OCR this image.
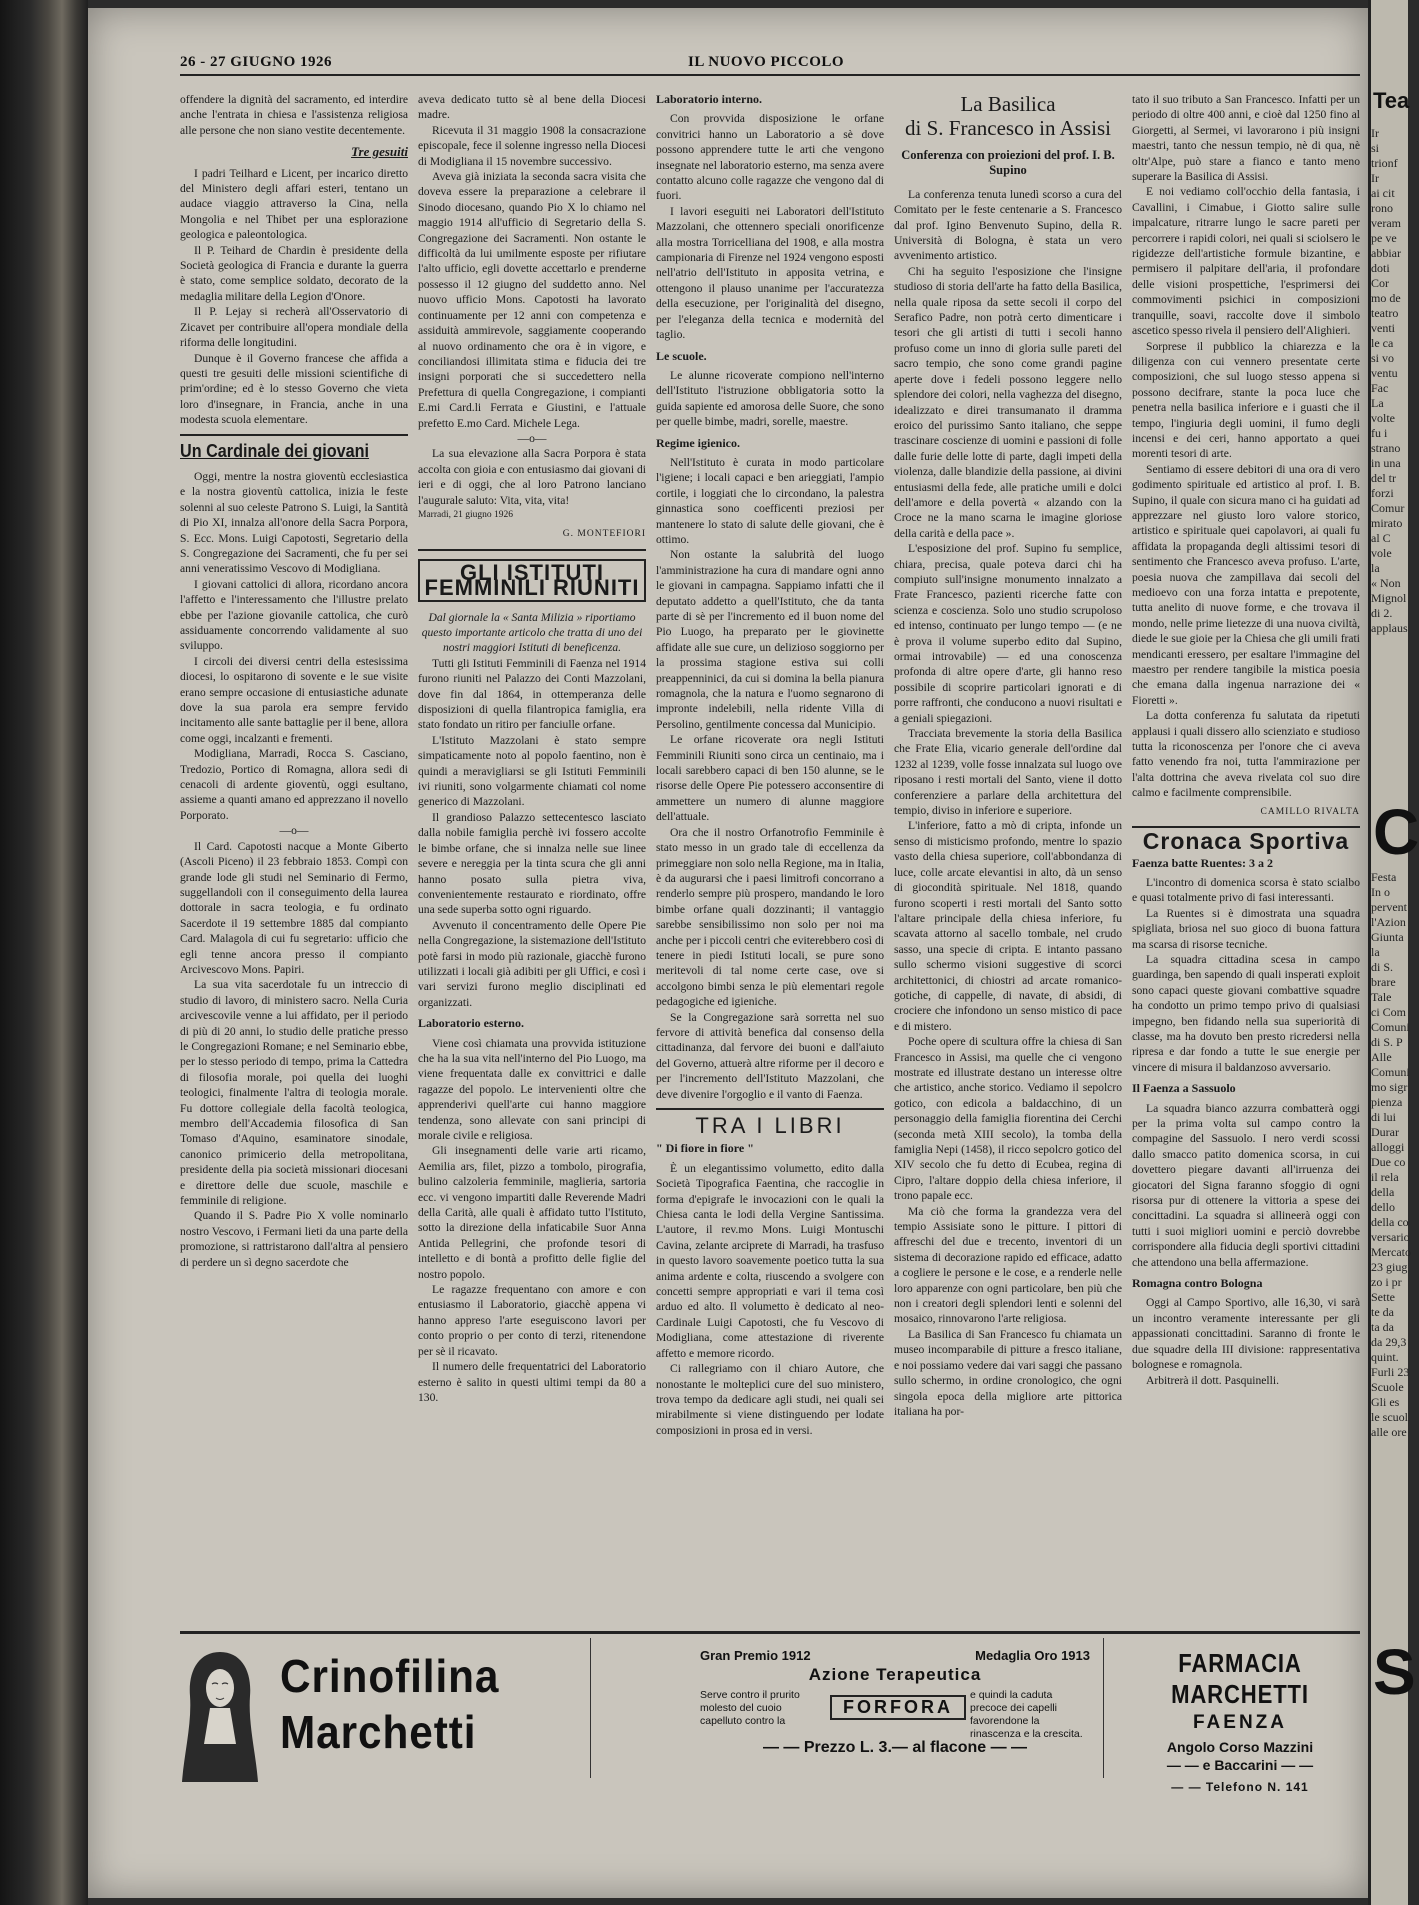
26 - 27 GIUGNO 1926	IL NUOVO PICCOLO

offendere la dignità del sacramento, ed interdire anche l'entrata in chiesa e l'assistenza religiosa alle persone che non siano vestite decentemente.

Tre gesuiti

I padri Teilhard e Licent, per incarico diretto del Ministero degli affari esteri, tentano un audace viaggio attraverso la Cina, nella Mongolia e nel Thibet per una esplorazione geologica e paleontologica.

Il P. Teihard de Chardin è presidente della Società geologica di Francia e durante la guerra è stato, come semplice soldato, decorato de la medaglia militare della Legion d'Onore.

Il P. Lejay si recherà all'Osservatorio di Zicavet per contribuire all'opera mondiale della riforma delle longitudini.

Dunque è il Governo francese che affida a questi tre gesuiti delle missioni scientifiche di prim'ordine; ed è lo stesso Governo che vieta loro d'insegnare, in Francia, anche in una modesta scuola elementare.

Un Cardinale dei giovani

Oggi, mentre la nostra gioventù ecclesiastica e la nostra gioventù cattolica, inizia le feste solenni al suo celeste Patrono S. Luigi, la Santità di Pio XI, innalza all'onore della Sacra Porpora, S. Ecc. Mons. Luigi Capotosti, Segretario della S. Congregazione dei Sacramenti, che fu per sei anni veneratissimo Vescovo di Modigliana.

I giovani cattolici di allora, ricordano ancora l'affetto e l'interessamento che l'illustre prelato ebbe per l'azione giovanile cattolica, che curò assiduamente concorrendo validamente al suo sviluppo.

I circoli dei diversi centri della estesissima diocesi, lo ospitarono di sovente e le sue visite erano sempre occasione di entusiastiche adunate dove la sua parola era sempre fervido incitamento alle sante battaglie per il bene, allora come oggi, incalzanti e frementi.

Modigliana, Marradi, Rocca S. Casciano, Tredozio, Portico di Romagna, allora sedi di cenacoli di ardente gioventù, oggi esultano, assieme a quanti amano ed apprezzano il novello Porporato.

—o—

Il Card. Capotosti nacque a Monte Giberto (Ascoli Piceno) il 23 febbraio 1853. Compì con grande lode gli studi nel Seminario di Fermo, suggellandoli con il conseguimento della laurea dottorale in sacra teologia, e fu ordinato Sacerdote il 19 settembre 1885 dal compianto Card. Malagola di cui fu segretario: ufficio che egli tenne ancora presso il compianto Arcivescovo Mons. Papiri.

La sua vita sacerdotale fu un intreccio di studio di lavoro, di ministero sacro. Nella Curia arcivescovile venne a lui affidato, per il periodo di più di 20 anni, lo studio delle pratiche presso le Congregazioni Romane; e nel Seminario ebbe, per lo stesso periodo di tempo, prima la Cattedra di filosofia morale, poi quella dei luoghi teologici, finalmente l'altra di teologia morale. Fu dottore collegiale della facoltà teologica, membro dell'Accademia filosofica di San Tomaso d'Aquino, esaminatore sinodale, canonico primicerio della metropolitana, presidente della pia società missionari diocesani e direttore delle due scuole, maschile e femminile di religione.

Quando il S. Padre Pio X volle nominarlo nostro Vescovo, i Fermani lieti da una parte della promozione, si rattristarono dall'altra al pensiero di perdere un sì degno sacerdote che

aveva dedicato tutto sè al bene della Diocesi madre.

Ricevuta il 31 maggio 1908 la consacrazione episcopale, fece il solenne ingresso nella Diocesi di Modigliana il 15 novembre successivo.

Aveva già iniziata la seconda sacra visita che doveva essere la preparazione a celebrare il Sinodo diocesano, quando Pio X lo chiamo nel maggio 1914 all'ufficio di Segretario della S. Congregazione dei Sacramenti. Non ostante le difficoltà da lui umilmente esposte per rifiutare l'alto ufficio, egli dovette accettarlo e prenderne possesso il 12 giugno del suddetto anno. Nel nuovo ufficio Mons. Capotosti ha lavorato continuamente per 12 anni con competenza e assiduità ammirevole, saggiamente cooperando al nuovo ordinamento che ora è in vigore, e conciliandosi illimitata stima e fiducia dei tre insigni porporati che si succedettero nella Prefettura di quella Congregazione, i compianti E.mi Card.li Ferrata e Giustini, e l'attuale prefetto E.mo Card. Michele Lega.

—o—

La sua elevazione alla Sacra Porpora è stata accolta con gioia e con entusiasmo dai giovani di ieri e di oggi, che al loro Patrono lanciano l'augurale saluto: Vita, vita, vita!

Marradi, 21 giugno 1926
G. MONTEFIORI
GLI ISTITUTI FEMMINILI RIUNITI

Dal giornale la « Santa Milizia » riportiamo questo importante articolo che tratta di uno dei nostri maggiori Istituti di beneficenza.

Tutti gli Istituti Femminili di Faenza nel 1914 furono riuniti nel Palazzo dei Conti Mazzolani, dove fin dal 1864, in ottemperanza delle disposizioni di quella filantropica famiglia, era stato fondato un ritiro per fanciulle orfane.

L'Istituto Mazzolani è stato sempre simpaticamente noto al popolo faentino, non è quindi a meravigliarsi se gli Istituti Femminili ivi riuniti, sono volgarmente chiamati col nome generico di Mazzolani.

Il grandioso Palazzo settecentesco lasciato dalla nobile famiglia perchè ivi fossero accolte le bimbe orfane, che si innalza nelle sue linee severe e nereggia per la tinta scura che gli anni hanno posato sulla pietra viva, convenientemente restaurato e riordinato, offre una sede superba sotto ogni riguardo.

Avvenuto il concentramento delle Opere Pie nella Congregazione, la sistemazione dell'Istituto potè farsi in modo più razionale, giacchè furono utilizzati i locali già adibiti per gli Uffici, e così i vari servizi furono meglio disciplinati ed organizzati.

Laboratorio esterno.

Viene così chiamata una provvida istituzione che ha la sua vita nell'interno del Pio Luogo, ma viene frequentata dalle ex convittrici e dalle ragazze del popolo. Le intervenienti oltre che apprenderivi quell'arte cui hanno maggiore tendenza, sono allevate con sani principi di morale civile e religiosa.

Gli insegnamenti delle varie arti ricamo, Aemilia ars, filet, pizzo a tombolo, pirografia, bulino calzoleria femminile, maglieria, sartoria ecc. vi vengono impartiti dalle Reverende Madri della Carità, alle quali è affidato tutto l'Istituto, sotto la direzione della infaticabile Suor Anna Antida Pellegrini, che profonde tesori di intelletto e di bontà a profitto delle figlie del nostro popolo.

Le ragazze frequentano con amore e con entusiasmo il Laboratorio, giacchè appena vi hanno appreso l'arte eseguiscono lavori per conto proprio o per conto di terzi, ritenendone per sè il ricavato.

Il numero delle frequentatrici del Laboratorio esterno è salito in questi ultimi tempi da 80 a 130.

Laboratorio interno.

Con provvida disposizione le orfane convitrici hanno un Laboratorio a sè dove possono apprendere tutte le arti che vengono insegnate nel laboratorio esterno, ma senza avere contatto alcuno colle ragazze che vengono dal di fuori.

I lavori eseguiti nei Laboratori dell'Istituto Mazzolani, che ottennero speciali onorificenze alla mostra Torricelliana del 1908, e alla mostra campionaria di Firenze nel 1924 vengono esposti nell'atrio dell'Istituto in apposita vetrina, e ottengono il plauso unanime per l'accuratezza della esecuzione, per l'originalità del disegno, per l'eleganza della tecnica e modernità del taglio.

Le scuole.

Le alunne ricoverate compiono nell'interno dell'Istituto l'istruzione obbligatoria sotto la guida sapiente ed amorosa delle Suore, che sono per quelle bimbe, madri, sorelle, maestre.

Regime igienico.

Nell'Istituto è curata in modo particolare l'igiene; i locali capaci e ben arieggiati, l'ampio cortile, i loggiati che lo circondano, la palestra ginnastica sono coefficenti preziosi per mantenere lo stato di salute delle giovani, che è ottimo.

Non ostante la salubrità del luogo l'amministrazione ha cura di mandare ogni anno le giovani in campagna. Sappiamo infatti che il deputato addetto a quell'Istituto, che da tanta parte di sè per l'incremento ed il buon nome del Pio Luogo, ha preparato per le giovinette affidate alle sue cure, un delizioso soggiorno per la prossima stagione estiva sui colli preappenninici, da cui si domina la bella pianura romagnola, che la natura e l'uomo segnarono di impronte indelebili, nella ridente Villa di Persolino, gentilmente concessa dal Municipio.

Le orfane ricoverate ora negli Istituti Femminili Riuniti sono circa un centinaio, ma i locali sarebbero capaci di ben 150 alunne, se le risorse delle Opere Pie potessero acconsentire di ammettere un numero di alunne maggiore dell'attuale.

Ora che il nostro Orfanotrofio Femminile è stato messo in un grado tale di eccellenza da primeggiare non solo nella Regione, ma in Italia, è da augurarsi che i paesi limitrofi concorrano a renderlo sempre più prospero, mandando le loro bimbe orfane quali dozzinanti; il vantaggio sarebbe sensibilissimo non solo per noi ma anche per i piccoli centri che eviterebbero così di tenere in piedi Istituti locali, se pure sono meritevoli di tal nome certe case, ove si accolgono bimbi senza le più elementari regole pedagogiche ed igieniche.

Se la Congregazione sarà sorretta nel suo fervore di attività benefica dal consenso della cittadinanza, dal fervore dei buoni e dall'aiuto del Governo, attuerà altre riforme per il decoro e per l'incremento dell'Istituto Mazzolani, che deve divenire l'orgoglio e il vanto di Faenza.

TRA I LIBRI
" Di fiore in fiore "

È un elegantissimo volumetto, edito dalla Società Tipografica Faentina, che raccoglie in forma d'epigrafe le invocazioni con le quali la Chiesa canta le lodi della Vergine Santissima. L'autore, il rev.mo Mons. Luigi Montuschi Cavina, zelante arciprete di Marradi, ha trasfuso in questo lavoro soavemente poetico tutta la sua anima ardente e colta, riuscendo a svolgere con concetti sempre appropriati e vari il tema così arduo ed alto. Il volumetto è dedicato al neo-Cardinale Luigi Capotosti, che fu Vescovo di Modigliana, come attestazione di riverente affetto e memore ricordo.

Ci rallegriamo con il chiaro Autore, che nonostante le molteplici cure del suo ministero, trova tempo da dedicare agli studi, nei quali sei mirabilmente si viene distinguendo per lodate composizioni in prosa ed in versi.

La Basilica
di S. Francesco in Assisi
Conferenza con proiezioni del prof. I. B. Supino

La conferenza tenuta lunedì scorso a cura del Comitato per le feste centenarie a S. Francesco dal prof. Igino Benvenuto Supino, della R. Università di Bologna, è stata un vero avvenimento artistico.

Chi ha seguito l'esposizione che l'insigne studioso di storia dell'arte ha fatto della Basilica, nella quale riposa da sette secoli il corpo del Serafico Padre, non potrà certo dimenticare i tesori che gli artisti di tutti i secoli hanno profuso come un inno di gloria sulle pareti del sacro tempio, che sono come grandi pagine aperte dove i fedeli possono leggere nello splendore dei colori, nella vaghezza del disegno, idealizzato e direi transumanato il dramma eroico del purissimo Santo italiano, che seppe trascinare coscienze di uomini e passioni di folle dalle furie delle lotte di parte, dagli impeti della violenza, dalle blandizie della passione, ai divini entusiasmi della fede, alle pratiche umili e dolci dell'amore e della povertà « alzando con la Croce ne la mano scarna le imagine gloriose della carità e della pace ».

L'esposizione del prof. Supino fu semplice, chiara, precisa, quale poteva darci chi ha compiuto sull'insigne monumento innalzato a Frate Francesco, pazienti ricerche fatte con scienza e coscienza. Solo uno studio scrupoloso ed intenso, continuato per lungo tempo — (e ne è prova il volume superbo edito dal Supino, ormai introvabile) — ed una conoscenza profonda di altre opere d'arte, gli hanno reso possibile di scoprire particolari ignorati e di porre raffronti, che conducono a nuovi risultati e a geniali spiegazioni.

Tracciata brevemente la storia della Basilica che Frate Elia, vicario generale dell'ordine dal 1232 al 1239, volle fosse innalzata sul luogo ove riposano i resti mortali del Santo, viene il dotto conferenziere a parlare della architettura del tempio, diviso in inferiore e superiore.

L'inferiore, fatto a mò di cripta, infonde un senso di misticismo profondo, mentre lo spazio vasto della chiesa superiore, coll'abbondanza di luce, colle arcate elevantisi in alto, dà un senso di giocondità spirituale. Nel 1818, quando furono scoperti i resti mortali del Santo sotto l'altare principale della chiesa inferiore, fu scavata attorno al sacello tombale, nel crudo sasso, una specie di cripta. E intanto passano sullo schermo visioni suggestive di scorci architettonici, di chiostri ad arcate romanico-gotiche, di cappelle, di navate, di absidi, di crociere che infondono un senso mistico di pace e di mistero.

Poche opere di scultura offre la chiesa di San Francesco in Assisi, ma quelle che ci vengono mostrate ed illustrate destano un interesse oltre che artistico, anche storico. Vediamo il sepolcro gotico, con edicola a baldacchino, di un personaggio della famiglia fiorentina dei Cerchi (seconda metà XIII secolo), la tomba della famiglia Nepi (1458), il ricco sepolcro gotico del XIV secolo che fu detto di Ecubea, regina di Cipro, l'altare doppio della chiesa inferiore, il trono papale ecc.

Ma ciò che forma la grandezza vera del tempio Assisiate sono le pitture. I pittori di affreschi del due e trecento, inventori di un sistema di decorazione rapido ed efficace, adatto a cogliere le persone e le cose, e a renderle nelle loro apparenze con ogni particolare, ben più che non i creatori degli splendori lenti e solenni del mosaico, rinnovarono l'arte religiosa.

La Basilica di San Francesco fu chiamata un museo incomparabile di pitture a fresco italiane, e noi possiamo vedere dai vari saggi che passano sullo schermo, in ordine cronologico, che ogni singola epoca della migliore arte pittorica italiana ha por-

tato il suo tributo a San Francesco. Infatti per un periodo di oltre 400 anni, e cioè dal 1250 fino al Giorgetti, al Sermei, vi lavorarono i più insigni maestri, tanto che nessun tempio, nè di qua, nè oltr'Alpe, può stare a fianco e tanto meno superare la Basilica di Assisi.

E noi vediamo coll'occhio della fantasia, i Cavallini, i Cimabue, i Giotto salire sulle impalcature, ritrarre lungo le sacre pareti per percorrere i rapidi colori, nei quali si sciolsero le rigidezze dell'artistiche formule bizantine, e permisero il palpitare dell'aria, il profondare delle visioni prospettiche, l'esprimersi dei commovimenti psichici in composizioni tranquille, soavi, raccolte dove il simbolo ascetico spesso rivela il pensiero dell'Alighieri.

Sorprese il pubblico la chiarezza e la diligenza con cui vennero presentate certe composizioni, che sul luogo stesso appena si possono decifrare, stante la poca luce che penetra nella basilica inferiore e i guasti che il tempo, l'ingiuria degli uomini, il fumo degli incensi e dei ceri, hanno apportato a quei morenti tesori di arte.

Sentiamo di essere debitori di una ora di vero godimento spirituale ed artistico al prof. I. B. Supino, il quale con sicura mano ci ha guidati ad apprezzare nel giusto loro valore storico, artistico e spirituale quei capolavori, ai quali fu affidata la propaganda degli altissimi tesori di sentimento che Francesco aveva profuso. L'arte, poesia nuova che zampillava dai secoli del medioevo con una forza intatta e prepotente, tutta anelito di nuove forme, e che trovava il mondo, nelle prime lietezze di una nuova civiltà, diede le sue gioie per la Chiesa che gli umili frati mendicanti eressero, per esaltare l'immagine del maestro per rendere tangibile la mistica poesia che emana dalla ingenua narrazione dei « Fioretti ».

La dotta conferenza fu salutata da ripetuti applausi i quali dissero allo scienziato e studioso tutta la riconoscenza per l'onore che ci aveva fatto venendo fra noi, tutta l'ammirazione per l'alta dottrina che aveva rivelata col suo dire calmo e facilmente comprensibile.

CAMILLO RIVALTA
Cronaca Sportiva
Faenza batte Ruentes: 3 a 2

L'incontro di domenica scorsa è stato scialbo e quasi totalmente privo di fasi interessanti.

La Ruentes si è dimostrata una squadra spigliata, briosa nel suo gioco di buona fattura ma scarsa di risorse tecniche.

La squadra cittadina scesa in campo guardinga, ben sapendo di quali insperati exploit sono capaci queste giovani combattive squadre ha condotto un primo tempo privo di qualsiasi impegno, ben fidando nella sua superiorità di classe, ma ha dovuto ben presto ricredersi nella ripresa e dar fondo a tutte le sue energie per vincere di misura il baldanzoso avversario.

Il Faenza a Sassuolo

La squadra bianco azzurra combatterà oggi per la prima volta sul campo contro la compagine del Sassuolo. I nero verdi scossi dallo smacco patito domenica scorsa, in cui dovettero piegare davanti all'irruenza dei giocatori del Signa faranno sfoggio di ogni risorsa pur di ottenere la vittoria a spese dei concittadini. La squadra si allineerà oggi con tutti i suoi migliori uomini e perciò dovrebbe corrispondere alla fiducia degli sportivi cittadini che attendono una bella affermazione.

Romagna contro Bologna

Oggi al Campo Sportivo, alle 16,30, vi sarà un incontro veramente interessante per gli appassionati concittadini. Saranno di fronte le due squadre della III divisione: rappresentativa bolognese e romagnola.

Arbitrerà il dott. Pasquinelli.

Crinofilina
Marchetti
Gran Premio 1912	Medaglia Oro 1913
Azione Terapeutica
Serve contro il prurito molesto del cuoio capelluto contro la
FORFORA
e quindi la caduta precoce dei capelli favorendone la rinascenza e la crescita.
— — Prezzo L. 3.— al flacone — —
FARMACIA MARCHETTI
FAENZA
Angolo Corso Mazzini
— — e Baccarini — —
— — Telefono N. 141
Tea
Ir
si
trionf
Ir
ai cit
rono
veram
pe ve
abbiar
doti
Cor
mo de
teatro
venti
le ca
si vo
ventu
Fac
La
volte
fu i
strano
in una
del tr
forzi
Comur
mirato
al C
vole
la
« Non
Mignol
di 2.
applaus
C
Festa
In o
pervent
l'Azion
Giunta
la
di S.
brare
Tale
ci Com
Comuni
di S. P
Alle
Comuni
mo sigr
pienza
di lui
Durar
alloggi
Due co
il rela
della
dello
della co
versario
Mercato
23 giug
zo i pr
Sette
te da
ta da
da 29,3
quint.
Furli 23
Scuole
Gli es
le scuol
alle ore
S
